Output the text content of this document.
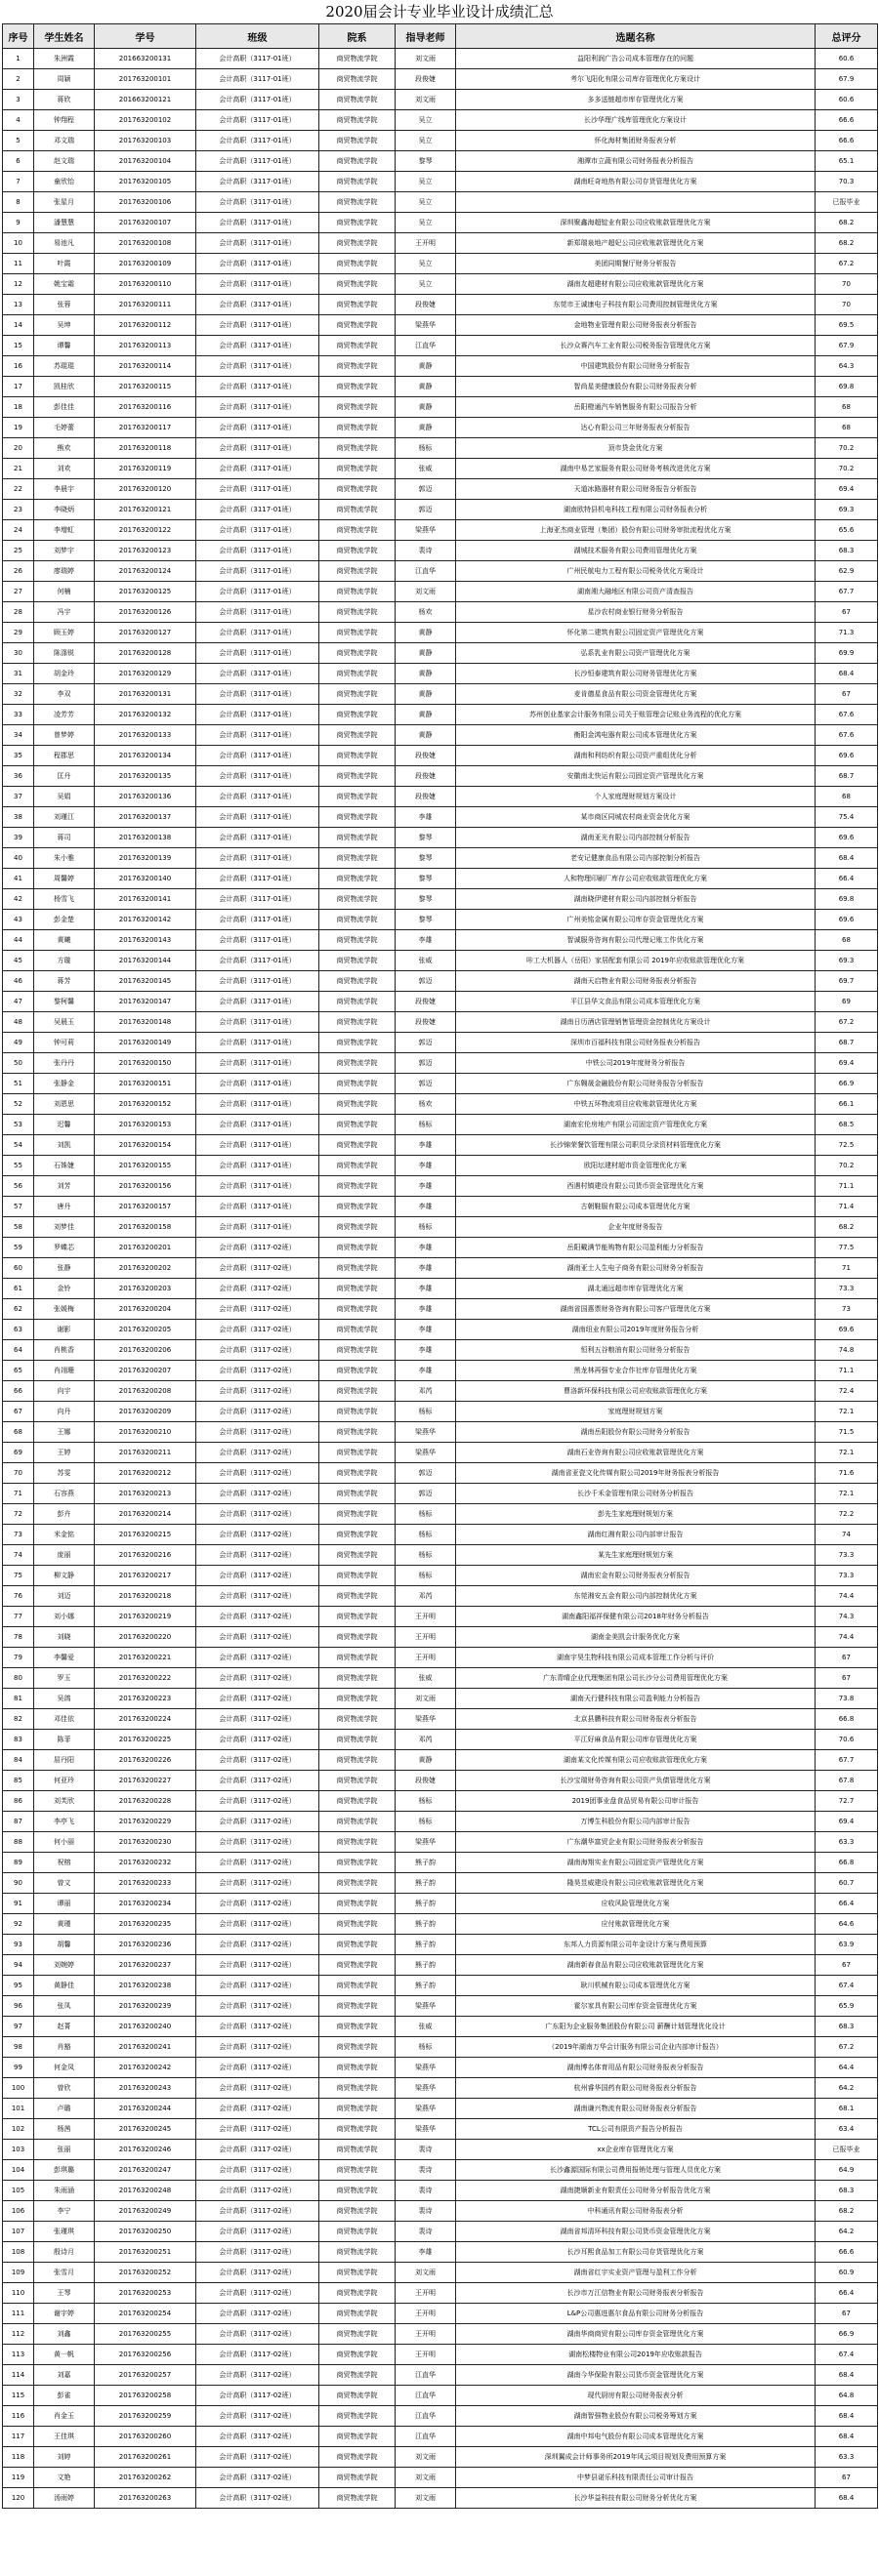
2020届会计专业毕业设计成绩汇总
序号	学生姓名	学号	班级	院系	指导老师	选题名称	总评分
1	朱洲霞	201663200131	会计高职（3117-01班）	商贸物流学院	刘文雨	益阳利润广告公司成本管理存在的问题	60.6
2	周颖	201763200101	会计高职（3117-01班）	商贸物流学院	段俊婕	考尔飞阳化有限公司库存管理优化方案设计	67.9
3	蒋欣	201663200121	会计高职（3117-01班）	商贸物流学院	刘文雨	多多送链超市库存管理优化方案	60.6
4	钟翔程	201763200102	会计高职（3117-01班）	商贸物流学院	吴立	长沙华理广线库管理优化方案设计	66.6
5	邓文瑞	201763200103	会计高职（3117-01班）	商贸物流学院	吴立	怀化海材集团财务报表分析	66.6
6	赵文瑞	201763200104	会计高职（3117-01班）	商贸物流学院	黎琴	湘潭市立蔬有限公司财务报表分析报告	65.1
7	童欣怡	201763200105	会计高职（3117-01班）	商贸物流学院	吴立	湖南旺奇地热有限公司存货管理优化方案	70.3
8	张星月	201763200106	会计高职（3117-01班）	商贸物流学院	吴立		已报毕业
9	潘慧慧	201763200107	会计高职（3117-01班）	商贸物流学院	吴立	深圳聚鑫海超锭业有限公司应收账款管理优化方案	68.2
10	易池凡	201763200108	会计高职（3117-01班）	商贸物流学院	王开明	新郑瑞泉地产超妃公司应收账款管理优化方案	68.2
11	叶霞	201763200109	会计高职（3117-01班）	商贸物流学院	吴立	美团同期餐厅财务分析报告	67.2
12	姚宝霜	201763200110	会计高职（3117-01班）	商贸物流学院	吴立	湖南友超建材有限公司应收账款管理优化方案	70
13	张蓉	201763200111	会计高职（3117-01班）	商贸物流学院	段俊婕	东莞市王诚康电子科技有限公司费用控制管理优化方案	70
14	吴坤	201763200112	会计高职（3117-01班）	商贸物流学院	梁燕华	金地物业管理有限公司财务报表分析报告	69.5
15	谭馨	201763200113	会计高职（3117-01班）	商贸物流学院	江直华	长沙众赛汽车工业有限公司税务报告管理优化方案	67.9
16	苏琨琨	201763200114	会计高职（3117-01班）	商贸物流学院	黄静	中国建筑股份有限公司财务分析报告	64.3
17	凯桂欣	201763200115	会计高职（3117-01班）	商贸物流学院	黄静	智尚星美健康股份有限公司财务报表分析	69.8
18	彭佳佳	201763200116	会计高职（3117-01班）	商贸物流学院	黄静	岳阳橙通汽车销售服务有限公司报告分析	68
19	毛婷蕾	201763200117	会计高职（3117-01班）	商贸物流学院	黄静	达心有限公司三年财务报表分析报告	68
20	熊欢	201763200118	会计高职（3117-01班）	商贸物流学院	杨标	顶市贷金优化方案	70.2
21	刘欢	201763200119	会计高职（3117-01班）	商贸物流学院	张威	湖南中易艺家服务有限公司财务考核改进优化方案	70.2
22	李晨宇	201763200120	会计高职（3117-01班）	商贸物流学院	郭迈	天道冰路器材有限公司财务报告分析报告	69.4
23	李晓炳	201763200121	会计高职（3117-01班）	商贸物流学院	郭迈	湖南欧特县机电科技工程有限公司财务报表分析	69.3
24	李增虹	201763200122	会计高职（3117-01班）	商贸物流学院	梁燕华	上海亚杰商业管理（集团）股份有限公司财务审批流程优化方案	65.6
25	刘梦宇	201763200123	会计高职（3117-01班）	商贸物流学院	裴诗	湖城技术服务有限公司费用管理优化方案	68.3
26	廖瑞婷	201763200124	会计高职（3117-01班）	商贸物流学院	江直华	广州民航电力工程有限公司税务优化方案设计	62.9
27	何楠	201763200125	会计高职（3117-01班）	商贸物流学院	刘文雨	湖南湘大融地区有限公司资产清查报告	67.7
28	冯宇	201763200126	会计高职（3117-01班）	商贸物流学院	杨欢	星沙农村商业银行财务分析报告	67
29	顾玉婷	201763200127	会计高职（3117-01班）	商贸物流学院	黄静	怀化第二建筑有限公司固定资产管理优化方案	71.3
30	陈涤锐	201763200128	会计高职（3117-01班）	商贸物流学院	黄静	弘系乳业有限公司资产管理优化方案	69.9
31	胡金玲	201763200129	会计高职（3117-01班）	商贸物流学院	黄静	长沙恒泰建筑有限公司财务管理优化方案	68.4
32	李双	201763200131	会计高职（3117-01班）	商贸物流学院	黄静	麦肯德星食品有限公司资金管理优化方案	67
33	凌芳芳	201763200132	会计高职（3117-01班）	商贸物流学院	黄静	苏州创业基家会计服务有限公司关于账管理会记账业务流程的优化方案	67.6
34	曾梦婷	201763200133	会计高职（3117-01班）	商贸物流学院	黄静	衡阳金鸿电器有限公司成本管理优化方案	67.6
35	程郡思	201763200134	会计高职（3117-01班）	商贸物流学院	段俊婕	湖南和利纺织有限公司资产重组优化分析	69.6
36	匡丹	201763200135	会计高职（3117-01班）	商贸物流学院	段俊婕	安徽南北快运有限公司固定资产管理优化方案	68.7
37	吴娟	201763200136	会计高职（3117-01班）	商贸物流学院	段俊婕	个人家庭理财规划方案设计	68
38	刘瑾江	201763200137	会计高职（3117-01班）	商贸物流学院	李雄	某市商区同城农村商业资金优化方案	75.4
39	蒋司	201763200138	会计高职（3117-01班）	商贸物流学院	黎琴	湖南亚光有限公司内部控制分析报告	69.6
40	朱小雅	201763200139	会计高职（3117-01班）	商贸物流学院	黎琴	老安记健康食品有限公司内部控制分析报告	68.4
41	周馨婷	201763200140	会计高职（3117-01班）	商贸物流学院	黎琴	人和物理印刷厂库存公司应收账款管理优化方案	66.4
42	杨雪飞	201763200141	会计高职（3117-01班）	商贸物流学院	黎琴	湖南晓伊建材有限公司内部控制分析报告	69.8
43	彭金楚	201763200142	会计高职（3117-01班）	商贸物流学院	黎琴	广州美铭金属有限公司库存资金管理优化方案	69.6
44	黄曦	201763200143	会计高职（3117-01班）	商贸物流学院	李雄	智诚服务咨询有限公司代理记账工作优化方案	68
45	方璇	201763200144	会计高职（3117-01班）	商贸物流学院	张威	咔工大机器人（岳阳）家居配套有限公司 2019年应收账款管理优化方案	69.3
46	蒋芳	201763200145	会计高职（3117-01班）	商贸物流学院	郭迈	湖南天启物业有限公司财务报表分析报告	69.7
47	黎柯馨	201763200147	会计高职（3117-01班）	商贸物流学院	段俊婕	平江县华文食品有限公司成本管理优化方案	69
48	吴晨玉	201763200148	会计高职（3117-01班）	商贸物流学院	段俊婕	湖南日历酒店管理销售管理资金控制优化方案设计	67.2
49	钟可莉	201763200149	会计高职（3117-01班）	商贸物流学院	郭迈	深圳市百福科技有限公司财务报表分析报告	68.7
50	张丹丹	201763200150	会计高职（3117-01班）	商贸物流学院	郭迈	中铁公司2019年度财务分析报告	69.4
51	张静金	201763200151	会计高职（3117-01班）	商贸物流学院	郭迈	广东翱晟金融股份有限公司财务报告分析报告	66.9
52	刘恩思	201763200152	会计高职（3117-01班）	商贸物流学院	杨欢	中铁五环物流项目应收账款管理优化方案	66.1
53	迟馨	201763200153	会计高职（3117-01班）	商贸物流学院	杨标	湖南宏伦房地产有限公司固定资产管理优化方案	68.5
54	刘凯	201763200154	会计高职（3117-01班）	商贸物流学院	李雄	长沙锦荣餐饮管理有限公司职员分录资材料管理优化方案	72.5
55	石姝婕	201763200155	会计高职（3117-01班）	商贸物流学院	李雄	欧阳坛建材超市资金管理优化方案	70.2
56	刘芳	201763200156	会计高职（3117-01班）	商贸物流学院	李雄	西遇村镇建设有限公司货币资金管理优化方案	71.1
57	唐丹	201763200157	会计高职（3117-01班）	商贸物流学院	李雄	古朝鞋服有限公司成本管理优化方案	71.4
58	刘梦佳	201763200158	会计高职（3117-01班）	商贸物流学院	杨标	企业年度财务报告	68.2
59	罗蝶芯	201763200201	会计高职（3117-02班）	商贸物流学院	李雄	岳阳戴满节能购物有限公司盈利能力分析报告	77.5
60	张静	201763200202	会计高职（3117-02班）	商贸物流学院	李雄	湖南亚士人生电子商务有限公司财务分析报告	71
61	金铃	201763200203	会计高职（3117-02班）	商贸物流学院	李雄	湖北通远超市库存管理优化方案	73.3
62	张媛梅	201763200204	会计高职（3117-02班）	商贸物流学院	李雄	湖南省国惠票财务咨询有限公司客户管理优化方案	73
63	谢影	201763200205	会计高职（3117-02班）	商贸物流学院	李雄	湖南纽业有限公司2019年度财务报告分析	69.6
64	肖桃香	201763200206	会计高职（3117-02班）	商贸物流学院	李雄	恒利五谷粮油有限公司财务分析报告	74.8
65	肖翊珊	201763200207	会计高职（3117-02班）	商贸物流学院	李雄	黑龙林再强专业合作社库存管理优化方案	71.1
66	向宇	201763200208	会计高职（3117-02班）	商贸物流学院	邓芮	曹洛新环保科技有限公司应收账款管理优化方案	72.4
67	向丹	201763200209	会计高职（3117-02班）	商贸物流学院	杨标	家庭理财规划方案	72.1
68	王娜	201763200210	会计高职（3117-02班）	商贸物流学院	梁燕华	湖南岳阳股份有限公司财务分析报告	71.5
69	王婷	201763200211	会计高职（3117-02班）	商贸物流学院	梁燕华	湖南石业咨询有限公司应收账款管理优化方案	72.1
70	苏雯	201763200212	会计高职（3117-02班）	商贸物流学院	郭迈	湖南省亚瓷文化传媒有限公司2019年财务报表分析报告	71.6
71	石容燕	201763200213	会计高职（3117-02班）	商贸物流学院	郭迈	长沙千禾金管理有限公司财务分析报告	72.1
72	彭卉	201763200214	会计高职（3117-02班）	商贸物流学院	杨标	彭先生家庭理财规划方案	72.2
73	米金铭	201763200215	会计高职（3117-02班）	商贸物流学院	杨标	湖南红湘有限公司内部审计报告	74
74	庞丽	201763200216	会计高职（3117-02班）	商贸物流学院	杨标	某先生家庭理财规划方案	73.3
75	柳文静	201763200217	会计高职（3117-02班）	商贸物流学院	杨标	湖南宏金有限公司财务报表分析报告	73.3
76	刘迈	201763200218	会计高职（3117-02班）	商贸物流学院	邓芮	东莞湘安五金有限公司内部控制优化方案	74.4
77	刘小娜	201763200219	会计高职（3117-02班）	商贸物流学院	王开明	湖南鑫阳福祥保健有限公司2018年财务分析报告	74.3
78	刘晓	201763200220	会计高职（3117-02班）	商贸物流学院	王开明	湖南金美凯会计服务优化方案	74.4
79	李馨爱	201763200221	会计高职（3117-02班）	商贸物流学院	王开明	湖南宇昊生物科技有限公司成本管理工作分析与评价	67
80	罗玉	201763200222	会计高职（3117-02班）	商贸物流学院	张威	广东青晴企业代理集团有限公司长沙分公司费用管理优化方案	67
81	吴鸽	201763200223	会计高职（3117-02班）	商贸物流学院	刘文雨	湖南天行健科技有限公司盈利能力分析报告	73.8
82	邓佳依	201763200224	会计高职（3117-02班）	商贸物流学院	梁燕华	北京县鹏科技有限公司财务报表分析报告	66.8
83	陈菲	201763200225	会计高职（3117-02班）	商贸物流学院	邓芮	平江好麻食品有限公司库存管理优化方案	70.6
84	屈丹阳	201763200226	会计高职（3117-02班）	商贸物流学院	黄静	湖南某文化传媒有限公司应收账款管理优化方案	67.7
85	何亚玲	201763200227	会计高职（3117-02班）	商贸物流学院	段俊婕	长沙宝瑞财务咨询有限公司资产负债管理优化方案	67.8
86	刘芙欣	201763200228	会计高职（3117-02班）	商贸物流学院	杨标	2019团事业盘食品贸易有限公司审计报告	72.7
87	李亭飞	201763200229	会计高职（3117-02班）	商贸物流学院	杨标	万博生科股份有限公司内部审计报告	69.4
88	何小丽	201763200230	会计高职（3117-02班）	商贸物流学院	梁燕华	广东潮华富贸企业有限公司财务报表分析报告	63.3
89	祝榕	201763200232	会计高职（3117-02班）	商贸物流学院	熊子韵	湖南海翔实业有限公司固定资产管理优化方案	66.8
90	曾文	201763200233	会计高职（3117-02班）	商贸物流学院	熊子韵	隆昊昱威建设有限公司应收账款管理优化方案	60.7
91	谭丽	201763200234	会计高职（3117-02班）	商贸物流学院	熊子韵	应收风险管理优化方案	66.4
92	黄瑾	201763200235	会计高职（3117-02班）	商贸物流学院	熊子韵	应付账款管理优化方案	64.6
93	胡馨	201763200236	会计高职（3117-02班）	商贸物流学院	熊子韵	东邦人力资源有限公司年金设计方案与费用预算	63.9
94	刘婉婷	201763200237	会计高职（3117-02班）	商贸物流学院	熊子韵	湖南新春食品有限公司应收账款管理优化方案	67
95	黄静佳	201763200238	会计高职（3117-02班）	商贸物流学院	熊子韵	耿川机械有限公司成本管理优化方案	67.4
96	张凤	201763200239	会计高职（3117-02班）	商贸物流学院	梁燕华	霍尔家具有限公司库存资金管理优化方案	65.9
97	赵菁	201763200240	会计高职（3117-02班）	商贸物流学院	张威	广东阳为企业服务集团股份有限公司 薪酬计划管理优化设计	68.3
98	肖豁	201763200241	会计高职（3117-02班）	商贸物流学院	杨标	（2019年湖南万华会计服务有限公司企业内部审计报告）	67.2
99	何金凤	201763200242	会计高职（3117-02班）	商贸物流学院	梁燕华	湖南博名体育用品有限公司财务报表分析报告	64.4
100	曾欣	201763200243	会计高职（3117-02班）	商贸物流学院	梁燕华	杭州睿华国药有限公司财务报表分析报告	64.2
101	卢璐	201763200244	会计高职（3117-02班）	商贸物流学院	梁燕华	湖南谦兴物流有限公司财务报表分析报告	68.1
102	杨茜	201763200245	会计高职（3117-02班）	商贸物流学院	梁燕华	TCL公司有限资产报告分析报告	63.4
103	张丽	201763200246	会计高职（3117-02班）	商贸物流学院	裴诗	xx企业库存管理优化方案	已报毕业
104	彭琪璐	201763200247	会计高职（3117-02班）	商贸物流学院	裴诗	长沙鑫源国际有限公司费用报销处理与管理人员优化方案	64.9
105	朱雨涵	201763200248	会计高职（3117-02班）	商贸物流学院	裴诗	湖南捷顺新业有限责任公司财务分析报告优化方案	68.3
106	李宁	201763200249	会计高职（3117-02班）	商贸物流学院	裴诗	中科通讯有限公司财务报表分析	68.2
107	张瑾琪	201763200250	会计高职（3117-02班）	商贸物流学院	裴诗	湖南省邦清环科技有限公司货币资金管理优化方案	64.2
108	殷诗月	201763200251	会计高职（3117-02班）	商贸物流学院	李雄	长沙耳熙食品加工有限公司存货管理优化方案	66.6
109	张雪月	201763200252	会计高职（3117-02班）	商贸物流学院	刘文雨	湖南省红宇实业资产管理与盈利工作分析	60.9
110	王琴	201763200253	会计高职（3117-02班）	商贸物流学院	王开明	长沙市万江信物业有限公司财务报表分析报告	66.4
111	谢宇婷	201763200254	会计高职（3117-02班）	商贸物流学院	王开明	L&P公司惠进惠尔食品有限公司财务分析报告	67
112	刘鑫	201763200255	会计高职（3117-02班）	商贸物流学院	王开明	湖南华商商贸有限公司库存资金管理优化方案	66.9
113	黄一帆	201763200256	会计高职（3117-02班）	商贸物流学院	王开明	湖南松楼物业有限公司2019年应收账款报告	67.4
114	刘嘉	201763200257	会计高职（3117-02班）	商贸物流学院	江直华	湖南今华保险有限公司货币资金管理优化方案	68.4
115	彭雀	201763200258	会计高职（3117-02班）	商贸物流学院	江直华	现代厨房有限公司财务报表分析	64.8
116	肖金玉	201763200259	会计高职（3117-02班）	商贸物流学院	江直华	湖南智强物业股份有限公司税务筹划方案	68.4
117	王佳琪	201763200260	会计高职（3117-02班）	商贸物流学院	江直华	湖南中邦电气股份有限公司成本管理优化方案	68.4
118	刘婷	201763200261	会计高职（3117-02班）	商贸物流学院	刘文雨	深圳翼成会计师事务所2019年风云项目规划及费用预算方案	63.3
119	文艳	201763200262	会计高职（3117-02班）	商贸物流学院	刘文雨	中梦县诺乐科技有限责任公司审计报告	67
120	汤雨婷	201763200263	会计高职（3117-02班）	商贸物流学院	刘文雨	长沙华益科技有限公司财务分析优化方案	68.4
